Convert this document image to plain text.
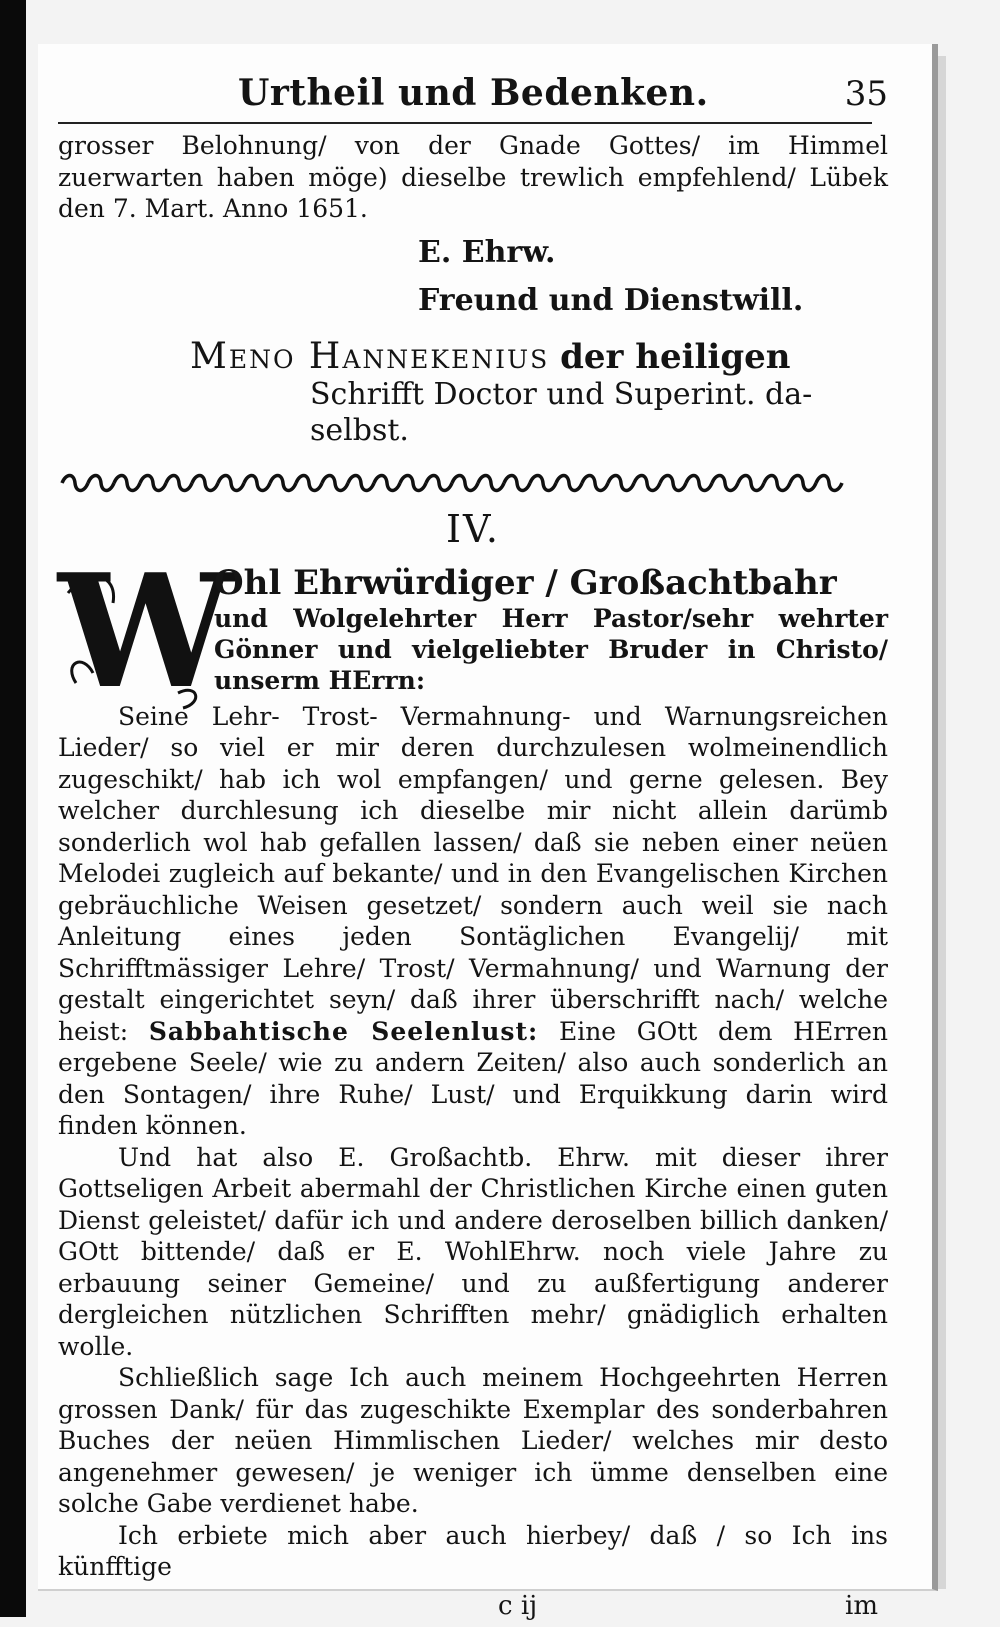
Urtheil und Bedenken.	35

grosser Belohnung/ von der Gnade Gottes/ im Himmel zuerwarten haben möge) dieselbe trewlich empfehlend/ Lübek den 7. Mart. Anno 1651.

E. Ehrw.
Freund und Dienstwill.
Meno Hannekenius der heiligen
Schrifft Doctor und Superint. da-
selbst.
IV.
W
Ohl Ehrwürdiger / Großachtbahr
und Wolgelehrter Herr Pastor/sehr wehrter Gönner und vielgeliebter Bruder in Christo/ unserm HErrn:

Seine Lehr- Trost- Vermahnung- und Warnungsreichen Lieder/ so viel er mir deren durchzulesen wolmeinendlich zugeschikt/ hab ich wol empfangen/ und gerne gelesen. Bey welcher durchlesung ich dieselbe mir nicht allein darümb sonderlich wol hab gefallen lassen/ daß sie neben einer neüen Melodei zugleich auf bekante/ und in den Evangelischen Kirchen gebräuchliche Weisen gesetzet/ sondern auch weil sie nach Anleitung eines jeden Sontäglichen Evangelij/ mit Schrifftmässiger Lehre/ Trost/ Vermahnung/ und Warnung der gestalt eingerichtet seyn/ daß ihrer überschrifft nach/ welche heist: Sabbahtische Seelenlust: Eine GOtt dem HErren ergebene Seele/ wie zu andern Zeiten/ also auch sonderlich an den Sontagen/ ihre Ruhe/ Lust/ und Erquikkung darin wird finden können.

Und hat also E. Großachtb. Ehrw. mit dieser ihrer Gottseligen Arbeit abermahl der Christlichen Kirche einen guten Dienst geleistet/ dafür ich und andere deroselben billich danken/ GOtt bittende/ daß er E. WohlEhrw. noch viele Jahre zu erbauung seiner Gemeine/ und zu außfertigung anderer dergleichen nützlichen Schrifften mehr/ gnädiglich erhalten wolle.

Schließlich sage Ich auch meinem Hochgeehrten Herren grossen Dank/ für das zugeschikte Exemplar des sonderbahren Buches der neüen Himmlischen Lieder/ welches mir desto angenehmer gewesen/ je weniger ich ümme denselben eine solche Gabe verdienet habe.

Ich erbiete mich aber auch hierbey/ daß / so Ich ins künfftige

c ij	im
